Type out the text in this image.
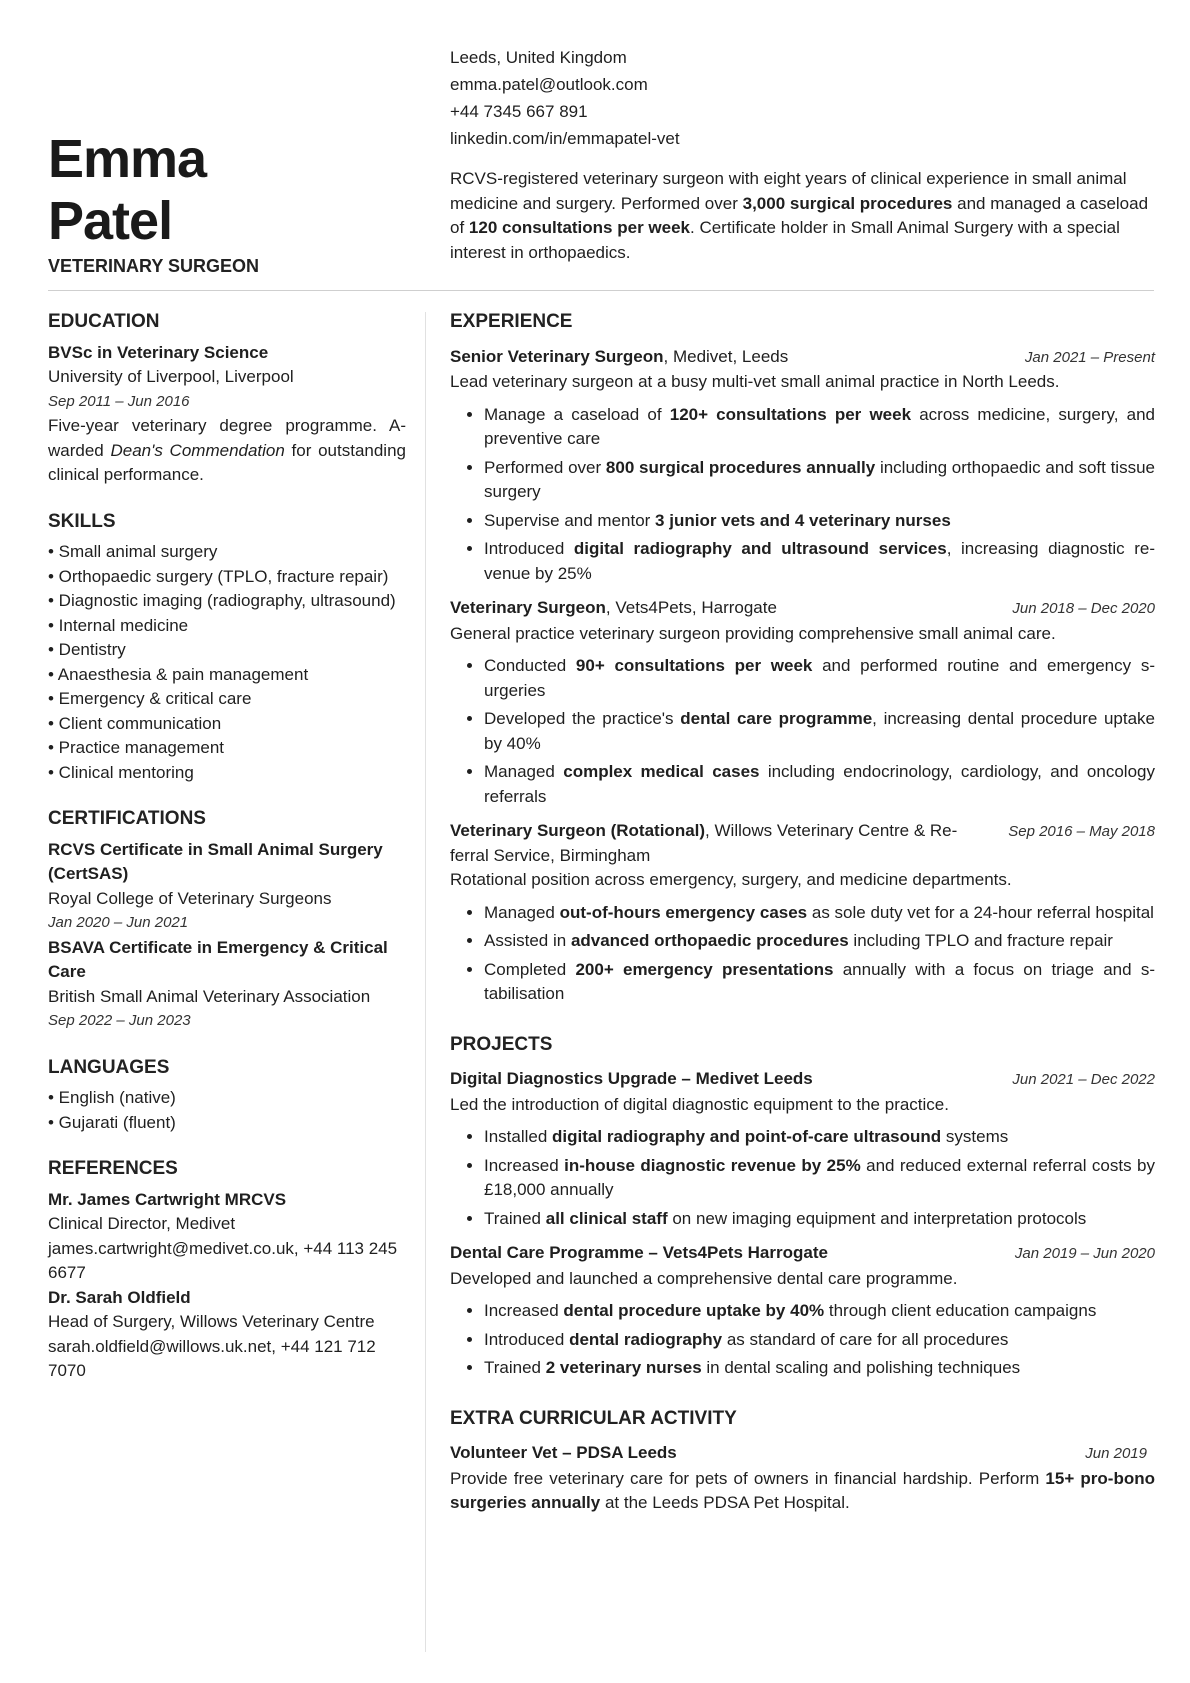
Emma
Patel
VETERINARY SURGEON
Leeds, United Kingdom
emma.patel@outlook.com
+44 7345 667 891
linkedin.com/in/emmapatel-vet
RCVS-registered veterinary surgeon with eight years of clinical experience in small animal medicine and surgery. Performed over 3,000 surgical procedures and managed a caseload of 120 consultations per week. Certificate holder in Small Animal Surgery with a special interest in orthopaedics.
EDUCATION
BVSc in Veterinary Science
University of Liverpool, Liverpool
Sep 2011 – Jun 2016
Five-year veterinary degree programme. Awarded Dean's Commendation for outstanding clinical performance.
SKILLS
• Small animal surgery
• Orthopaedic surgery (TPLO, fracture repair)
• Diagnostic imaging (radiography, ultrasound)
• Internal medicine
• Dentistry
• Anaesthesia & pain management
• Emergency & critical care
• Client communication
• Practice management
• Clinical mentoring
CERTIFICATIONS
RCVS Certificate in Small Animal Surgery (CertSAS)
Royal College of Veterinary Surgeons
Jan 2020 – Jun 2021
BSAVA Certificate in Emergency & Critical Care
British Small Animal Veterinary Association
Sep 2022 – Jun 2023
LANGUAGES
• English (native)
• Gujarati (fluent)
REFERENCES
Mr. James Cartwright MRCVS
Clinical Director, Medivet
james.cartwright@medivet.co.uk, +44 113 245 6677
Dr. Sarah Oldfield
Head of Surgery, Willows Veterinary Centre
sarah.oldfield@willows.uk.net, +44 121 712 7070
EXPERIENCE
Senior Veterinary Surgeon, Medivet, Leeds	Jan 2021 – Present
Lead veterinary surgeon at a busy multi-vet small animal practice in North Leeds.
• Manage a caseload of 120+ consultations per week across medicine, surgery, and preventive care
• Performed over 800 surgical procedures annually including orthopaedic and soft tissue surgery
• Supervise and mentor 3 junior vets and 4 veterinary nurses
• Introduced digital radiography and ultrasound services, increasing diagnostic revenue by 25%
Veterinary Surgeon, Vets4Pets, Harrogate	Jun 2018 – Dec 2020
General practice veterinary surgeon providing comprehensive small animal care.
• Conducted 90+ consultations per week and performed routine and emergency surgeries
• Developed the practice's dental care programme, increasing dental procedure uptake by 40%
• Managed complex medical cases including endocrinology, cardiology, and oncology referrals
Veterinary Surgeon (Rotational), Willows Veterinary Centre & Referral Service, Birmingham
Sep 2016 – May 2018
Rotational position across emergency, surgery, and medicine departments.
• Managed out-of-hours emergency cases as sole duty vet for a 24-hour referral hospital
• Assisted in advanced orthopaedic procedures including TPLO and fracture repair
• Completed 200+ emergency presentations annually with a focus on triage and stabilisation
PROJECTS
Digital Diagnostics Upgrade – Medivet Leeds	Jun 2021 – Dec 2022
Led the introduction of digital diagnostic equipment to the practice.
• Installed digital radiography and point-of-care ultrasound systems
• Increased in-house diagnostic revenue by 25% and reduced external referral costs by £18,000 annually
• Trained all clinical staff on new imaging equipment and interpretation protocols
Dental Care Programme – Vets4Pets Harrogate	Jan 2019 – Jun 2020
Developed and launched a comprehensive dental care programme.
• Increased dental procedure uptake by 40% through client education campaigns
• Introduced dental radiography as standard of care for all procedures
• Trained 2 veterinary nurses in dental scaling and polishing techniques
EXTRA CURRICULAR ACTIVITY
Volunteer Vet – PDSA Leeds	Jun 2019
Provide free veterinary care for pets of owners in financial hardship. Perform 15+ pro-bono surgeries annually at the Leeds PDSA Pet Hospital.
